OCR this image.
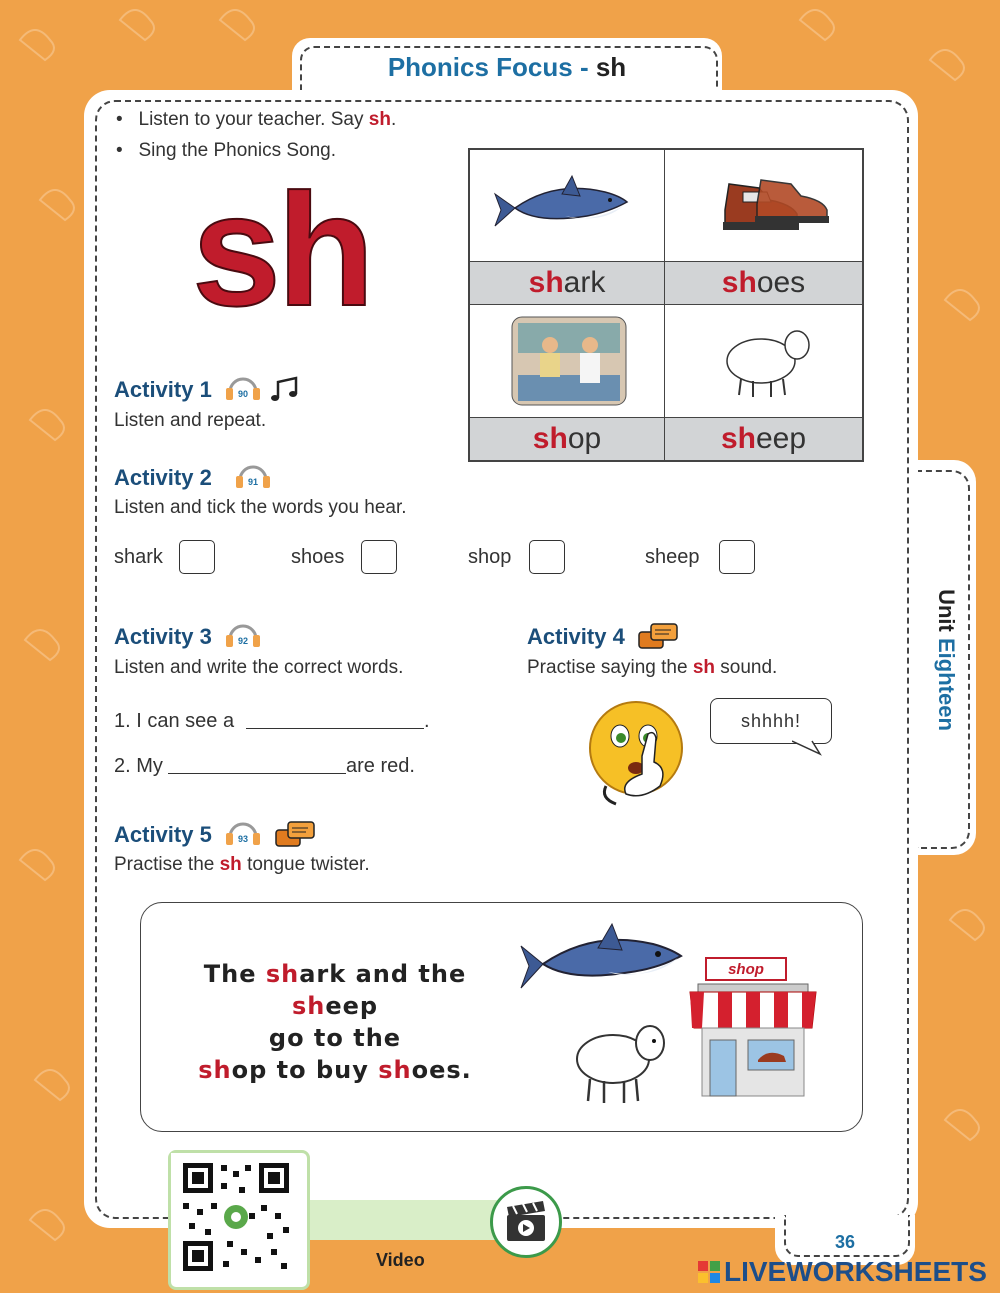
Phonics Focus - sh
Unit Eighteen
36
•   Listen to your teacher. Say sh.
•   Sing the Phonics Song.
sh	shark	shoes
shop	sheep
Activity 1	90
Listen and repeat.
Activity 2	91
Listen and tick the words you hear.
shark	shoes	shop	sheep
Activity 3	92
Listen and write the correct words.
1. I can see a	.
2. My	are red.
Activity 4
Practise saying the sh sound.
shhhh!
Activity 5	93
Practise the sh tongue twister.
The shark and the sheep
go to the
shop to buy shoes.
shop
Video	LIVEWORKSHEETS
